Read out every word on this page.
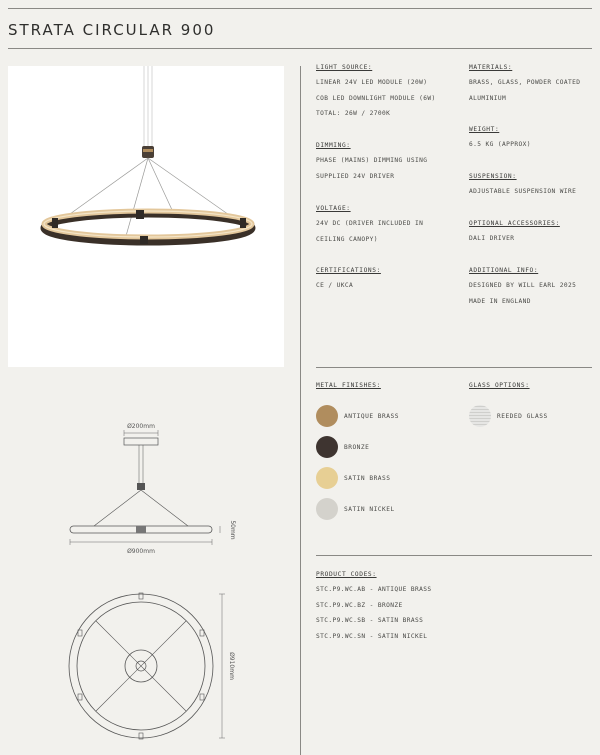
STRATA CIRCULAR 900
Ø200mm
50mm
Ø900mm
Ø910mm
LIGHT SOURCE:
LINEAR 24V LED MODULE (20W)
COB LED DOWNLIGHT MODULE (6W)
TOTAL: 26W / 2700K
DIMMING:
PHASE (MAINS) DIMMING USING
SUPPLIED 24V DRIVER
VOLTAGE:
24V DC (DRIVER INCLUDED IN
CEILING CANOPY)
CERTIFICATIONS:
CE / UKCA
MATERIALS:
BRASS, GLASS, POWDER COATED
ALUMINIUM
WEIGHT:
6.5 KG (APPROX)
SUSPENSION:
ADJUSTABLE SUSPENSION WIRE
OPTIONAL ACCESSORIES:
DALI DRIVER
ADDITIONAL INFO:
DESIGNED BY WILL EARL 2025
MADE IN ENGLAND
METAL FINISHES:	GLASS OPTIONS:
ANTIQUE BRASS
BRONZE
SATIN BRASS
SATIN NICKEL
REEDED GLASS
PRODUCT CODES:
STC.P9.WC.AB - ANTIQUE BRASS
STC.P9.WC.BZ - BRONZE
STC.P9.WC.SB - SATIN BRASS
STC.P9.WC.SN - SATIN NICKEL
